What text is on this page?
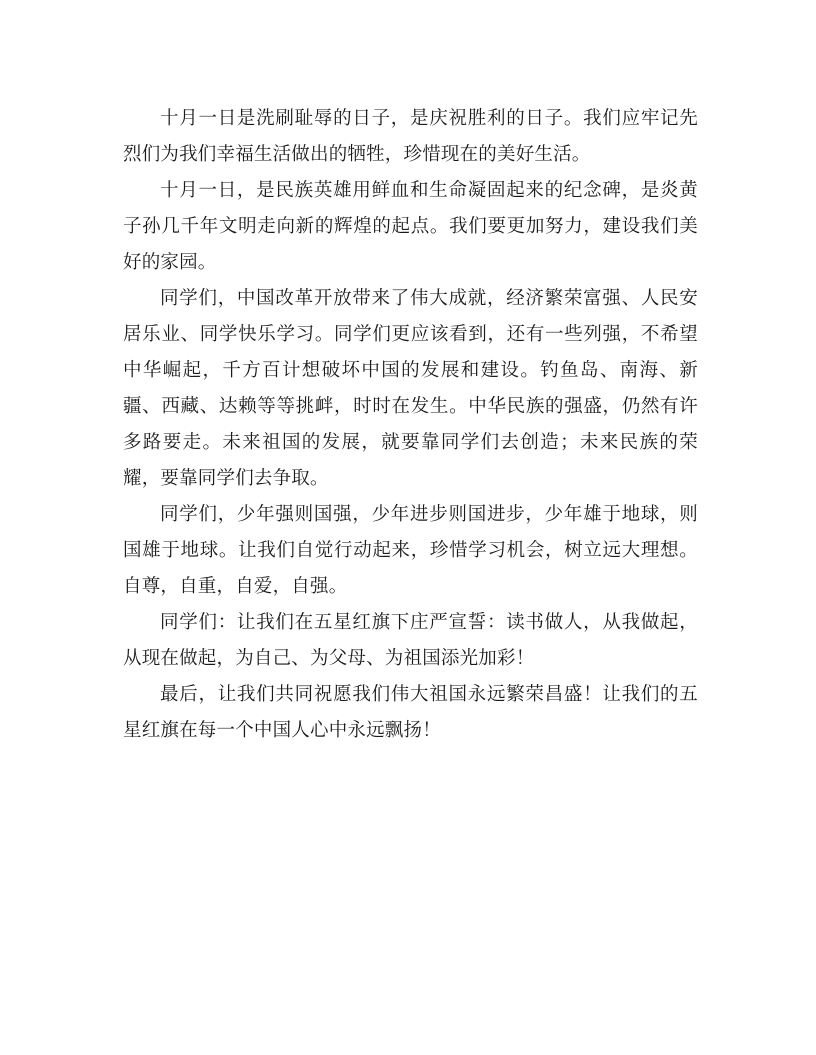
十月一日是洗刷耻辱的日子，是庆祝胜利的日子。我们应牢记先烈们为我们幸福生活做出的牺牲，珍惜现在的美好生活。

十月一日，是民族英雄用鲜血和生命凝固起来的纪念碑，是炎黄子孙几千年文明走向新的辉煌的起点。我们要更加努力，建设我们美好的家园。

同学们，中国改革开放带来了伟大成就，经济繁荣富强、人民安居乐业、同学快乐学习。同学们更应该看到，还有一些列强，不希望中华崛起，千方百计想破坏中国的发展和建设。钓鱼岛、南海、新疆、西藏、达赖等等挑衅，时时在发生。中华民族的强盛，仍然有许多路要走。未来祖国的发展，就要靠同学们去创造；未来民族的荣耀，要靠同学们去争取。

同学们，少年强则国强，少年进步则国进步，少年雄于地球，则国雄于地球。让我们自觉行动起来，珍惜学习机会，树立远大理想。自尊，自重，自爱，自强。

同学们：让我们在五星红旗下庄严宣誓：读书做人，从我做起，从现在做起，为自己、为父母、为祖国添光加彩！

最后，让我们共同祝愿我们伟大祖国永远繁荣昌盛！让我们的五星红旗在每一个中国人心中永远飘扬！
